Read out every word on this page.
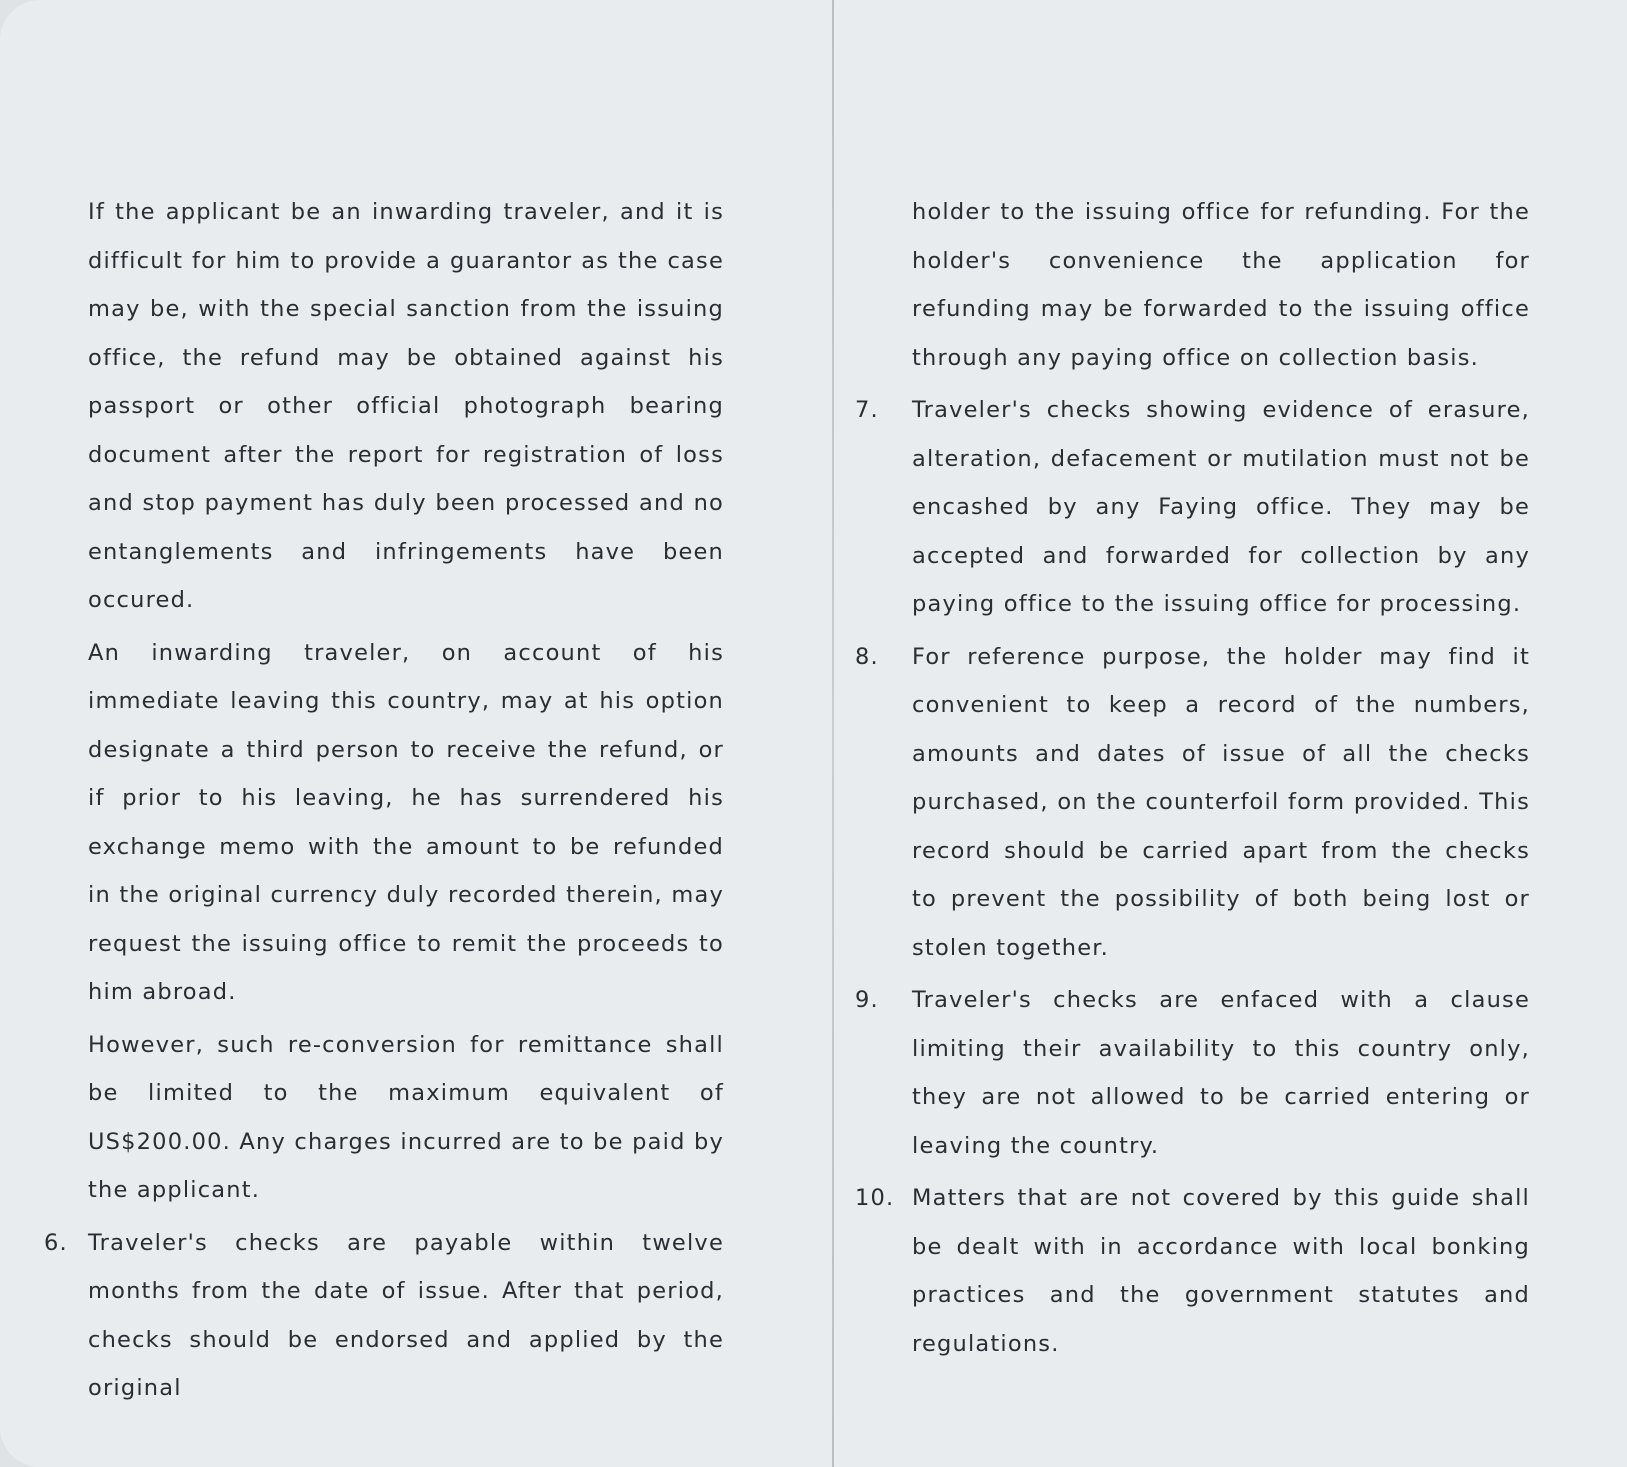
If the applicant be an inwarding traveler, and it is difficult for him to provide a guarantor as the case may be, with the special sanction from the issuing office, the refund may be obtained against his passport or other official photograph bearing document after the report for registration of loss and stop payment has duly been processed and no entanglements and infringements have been occured.

An inwarding traveler, on account of his immediate leaving this country, may at his option designate a third person to receive the refund, or if prior to his leaving, he has surrendered his exchange memo with the amount to be refunded in the original currency duly recorded therein, may request the issuing office to remit the proceeds to him abroad.

However, such re-conversion for remittance shall be limited to the maximum equivalent of US$200.00. Any charges incurred are to be paid by the applicant.

6. Traveler's checks are payable within twelve months from the date of issue. After that period, checks should be endorsed and applied by the original

holder to the issuing office for refunding. For the holder's convenience the application for refunding may be forwarded to the issuing office through any paying office on collection basis.

7. Traveler's checks showing evidence of erasure, alteration, defacement or mutilation must not be encashed by any Faying office. They may be accepted and forwarded for collection by any paying office to the issuing office for processing.
8. For reference purpose, the holder may find it convenient to keep a record of the numbers, amounts and dates of issue of all the checks purchased, on the counterfoil form provided. This record should be carried apart from the checks to prevent the possibility of both being lost or stolen together.
9. Traveler's checks are enfaced with a clause limiting their availability to this country only, they are not allowed to be carried entering or leaving the country.
10. Matters that are not covered by this guide shall be dealt with in accordance with local bonking practices and the government statutes and regulations.
